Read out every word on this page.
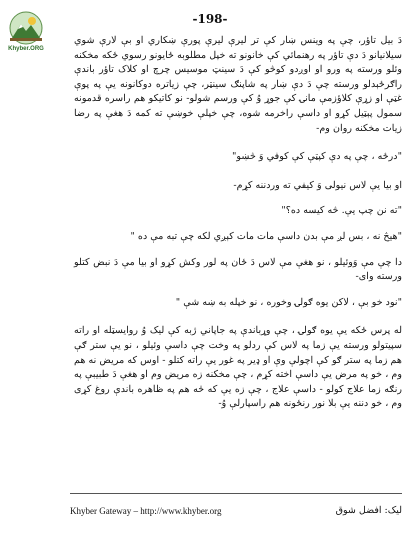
Khyber.ORG
-198-

دَ بيل تاؤر، چې په وينس ښار کې تر ليرې ليرې پورې ښکاري او بې لارې شوي سيلانيانو دَ دې تاؤر په رهنمائي کې خانونو ته خپل مطلوبه ځايونو رسوي ځکه مخکنه وئلو ورسته په ورو او اوږدو کوڅو کې دَ سينټ موسيس چرچ او کلاک تاؤر باندې راګرځېدلو ورسته چې دَ دې ښار په شاپنګ سينټر، چې زياتره دوکانونه يې په پوې غټې او زړې کلاؤزمې مانۍ کې جوړ وُ کې ورسم شولو- نو کاتيکو هم راسره قدمونه سمول پېټيل کړو او داسې راخرمه شوه، چې خپلې خوښې ته کمه دَ هغې په رضا زيات مخکنه روان وم-

"درځه ، چې په دې کپټې کې کوفي وَ څښو"

او بيا يې لاس نيولی وَ کيفي ته وردننه کړم-

"ته نن چپ يې. څه کيسه ده؟"

"هيڅ نه ، بس لږ مې بدن داسې مات مات کېږي لکه چې تبه مې ده "

دا چې مې وَوئيلو ، نو هغې مې لاس دَ ځان په لور وکش کړو او بيا مې دَ نبض کتلو ورسته وای-

"نود خو بې ، لاکن يوه ګولۍ وخوره ، نو خپله به ښه شې "

له پرس ځکه يې يوه ګولۍ ، چې وړباندې په جاپاني ژبه کې ليک وُ روايسټله او راته سپيتولو ورسته يې زما په لاس کې ردلو په وخت چې داسې وئيلو ، نو يې ستر ګې هم زما په ستر ګو کې اچولې وې او ډير په غور يې راته کتلو - اوس که مريض نه هم وم ، خو په مرض يې داسې اخته کړم ، چې مخکنه زه مريض وم او هغې دَ طبيبې په رنګه زما علاج کولو - داسې علاج ، چې زه يې که څه هم په ظاهره باندې روغ کړی وم ، خو دننه يې بلا نور رنځونه هم راسپارلې وُ-

Khyber Gateway – http://www.khyber.org	لیک: افضل شوق
